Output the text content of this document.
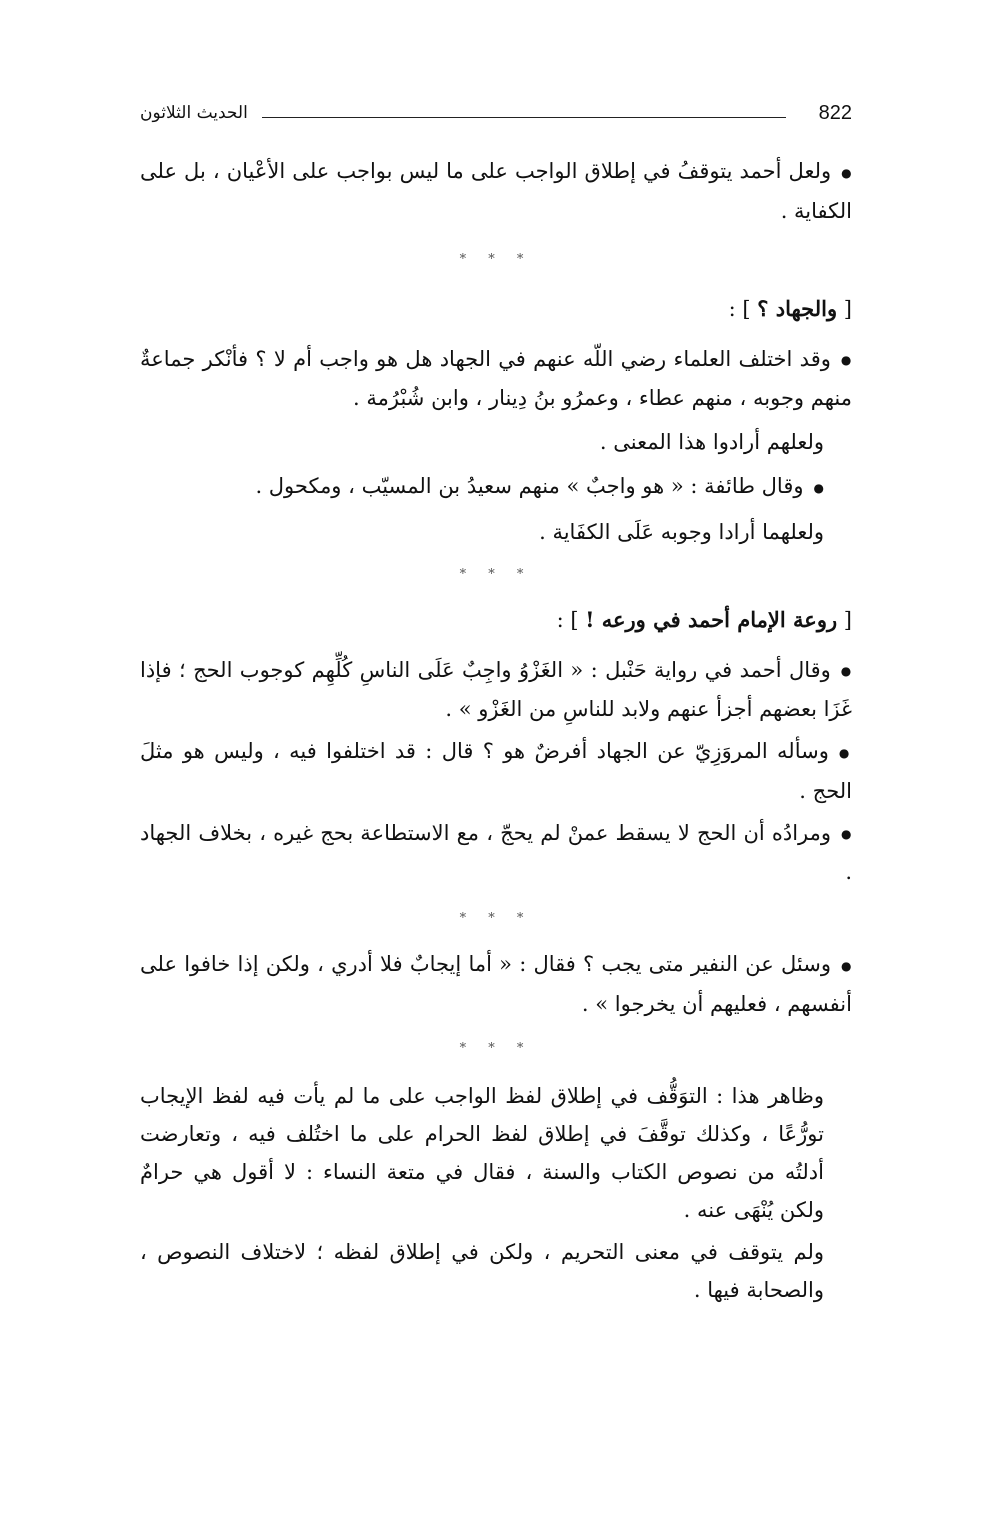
822
الحديث الثلاثون

● ولعل أحمد يتوقفُ في إطلاق الواجب على ما ليس بواجب على الأعْيان ، بل على الكفاية .

* * *

[ والجهاد ؟ ] :

● وقد اختلف العلماء رضي اللّه عنهم في الجهاد هل هو واجب أم لا ؟ فأنْكر جماعةٌ منهم وجوبه ، منهم عطاء ، وعمرُو بنُ دِينار ، وابن شُبْرُمة .

ولعلهم أرادوا هذا المعنى .

● وقال طائفة : « هو واجبٌ » منهم سعيدُ بن المسيّب ، ومكحول .

ولعلهما أرادا وجوبه عَلَى الكفَاية .

* * *

[ روعة الإمام أحمد في ورعه ! ] :

● وقال أحمد في رواية حَنْبل : « الغَزْوُ واجِبٌ عَلَى الناسِ كُلِّهِم كوجوب الحج ؛ فإذا غَزَا بعضهم أجزأ عنهم ولابد للناسِ من الغَزْو » .

● وسأله المروَزِيّ عن الجهاد أفرضٌ هو ؟ قال : قد اختلفوا فيه ، وليس هو مثلَ الحج .

● ومرادُه أن الحج لا يسقط عمنْ لم يحجّ ، مع الاستطاعة بحج غيره ، بخلاف الجهاد .

* * *

● وسئل عن النفير متى يجب ؟ فقال : « أما إيجابٌ فلا أدري ، ولكن إذا خافوا على أنفسهم ، فعليهم أن يخرجوا » .

* * *

وظاهر هذا : التوَقُّف في إطلاق لفظ الواجب على ما لم يأت فيه لفظ الإيجاب تورُّعًا ، وكذلك توقَّفَ في إطلاق لفظ الحرام على ما اختُلف فيه ، وتعارضت أدلتُه من نصوص الكتاب والسنة ، فقال في متعة النساء : لا أقول هي حرامٌ ولكن يُنْهَى عنه .

ولم يتوقف في معنى التحريم ، ولكن في إطلاق لفظه ؛ لاختلاف النصوص ، والصحابة فيها .
